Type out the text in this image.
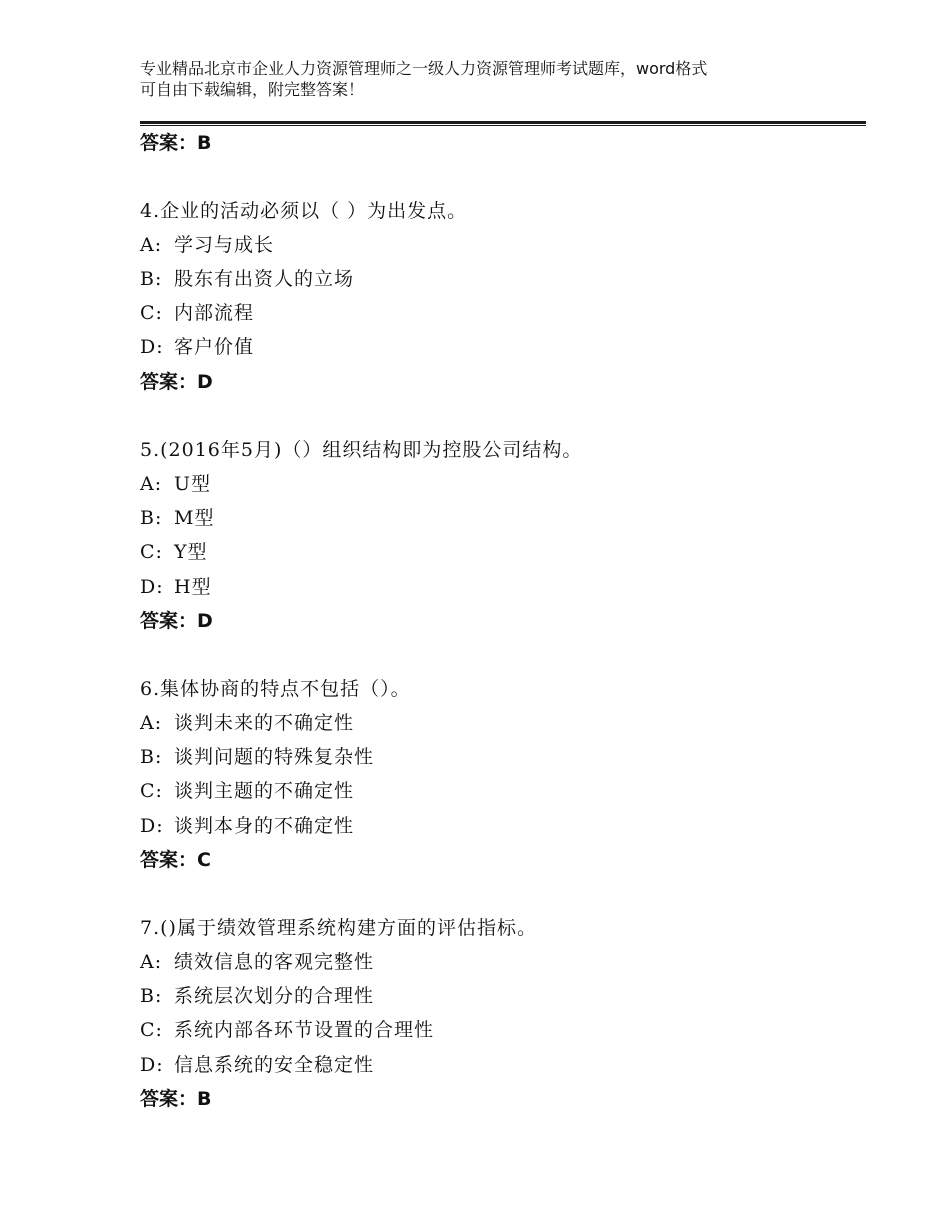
专业精品北京市企业人力资源管理师之一级人力资源管理师考试题库，word格式
可自由下载编辑，附完整答案！
答案：B
4.企业的活动必须以（ ）为出发点。
A: 学习与成长
B: 股东有出资人的立场
C: 内部流程
D: 客户价值
答案：D
5.(2016年5月)（）组织结构即为控股公司结构。
A: U型
B: M型
C: Y型
D: H型
答案：D
6.集体协商的特点不包括（）。
A: 谈判未来的不确定性
B: 谈判问题的特殊复杂性
C: 谈判主题的不确定性
D: 谈判本身的不确定性
答案：C
7.()属于绩效管理系统构建方面的评估指标。
A: 绩效信息的客观完整性
B: 系统层次划分的合理性
C: 系统内部各环节设置的合理性
D: 信息系统的安全稳定性
答案：B
